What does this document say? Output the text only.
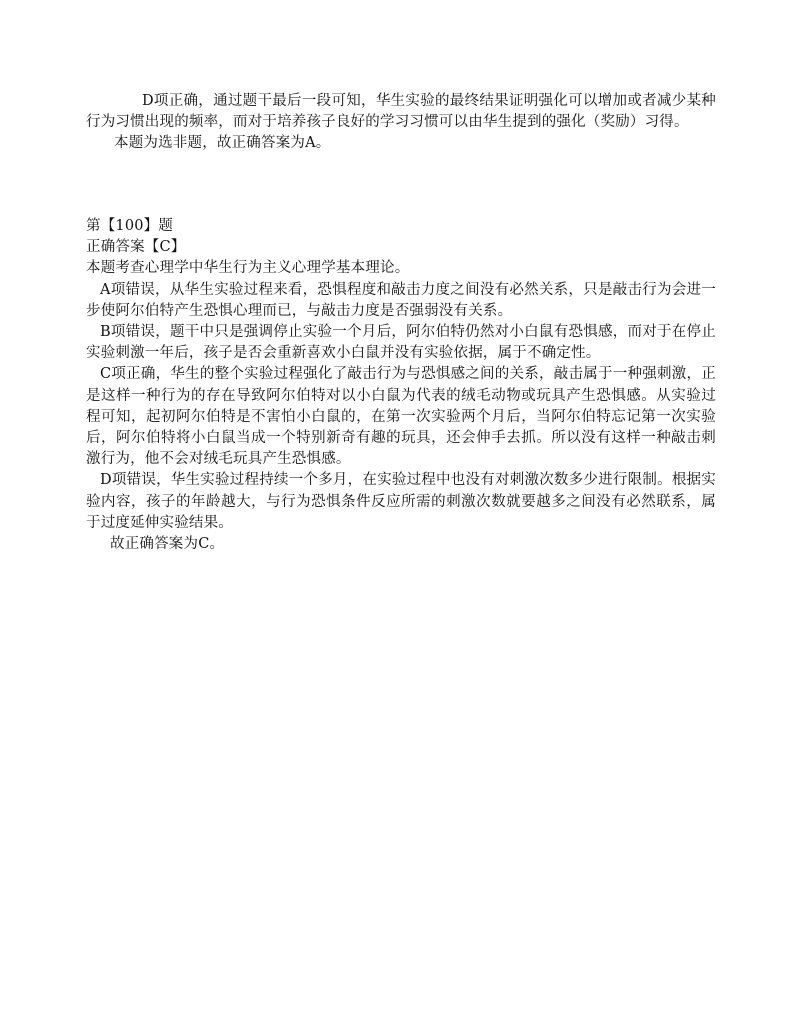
D项正确，通过题干最后一段可知，华生实验的最终结果证明强化可以增加或者减少某种行为习惯出现的频率，而对于培养孩子良好的学习习惯可以由华生提到的强化（奖励）习得。

本题为选非题，故正确答案为A。

第【100】题

正确答案【C】

本题考查心理学中华生行为主义心理学基本理论。

A项错误，从华生实验过程来看，恐惧程度和敲击力度之间没有必然关系，只是敲击行为会进一步使阿尔伯特产生恐惧心理而已，与敲击力度是否强弱没有关系。

B项错误，题干中只是强调停止实验一个月后，阿尔伯特仍然对小白鼠有恐惧感，而对于在停止实验刺激一年后，孩子是否会重新喜欢小白鼠并没有实验依据，属于不确定性。

C项正确，华生的整个实验过程强化了敲击行为与恐惧感之间的关系，敲击属于一种强刺激，正是这样一种行为的存在导致阿尔伯特对以小白鼠为代表的绒毛动物或玩具产生恐惧感。从实验过程可知，起初阿尔伯特是不害怕小白鼠的，在第一次实验两个月后，当阿尔伯特忘记第一次实验后，阿尔伯特将小白鼠当成一个特别新奇有趣的玩具，还会伸手去抓。所以没有这样一种敲击刺激行为，他不会对绒毛玩具产生恐惧感。

D项错误，华生实验过程持续一个多月，在实验过程中也没有对刺激次数多少进行限制。根据实验内容，孩子的年龄越大，与行为恐惧条件反应所需的刺激次数就要越多之间没有必然联系，属于过度延伸实验结果。

故正确答案为C。
